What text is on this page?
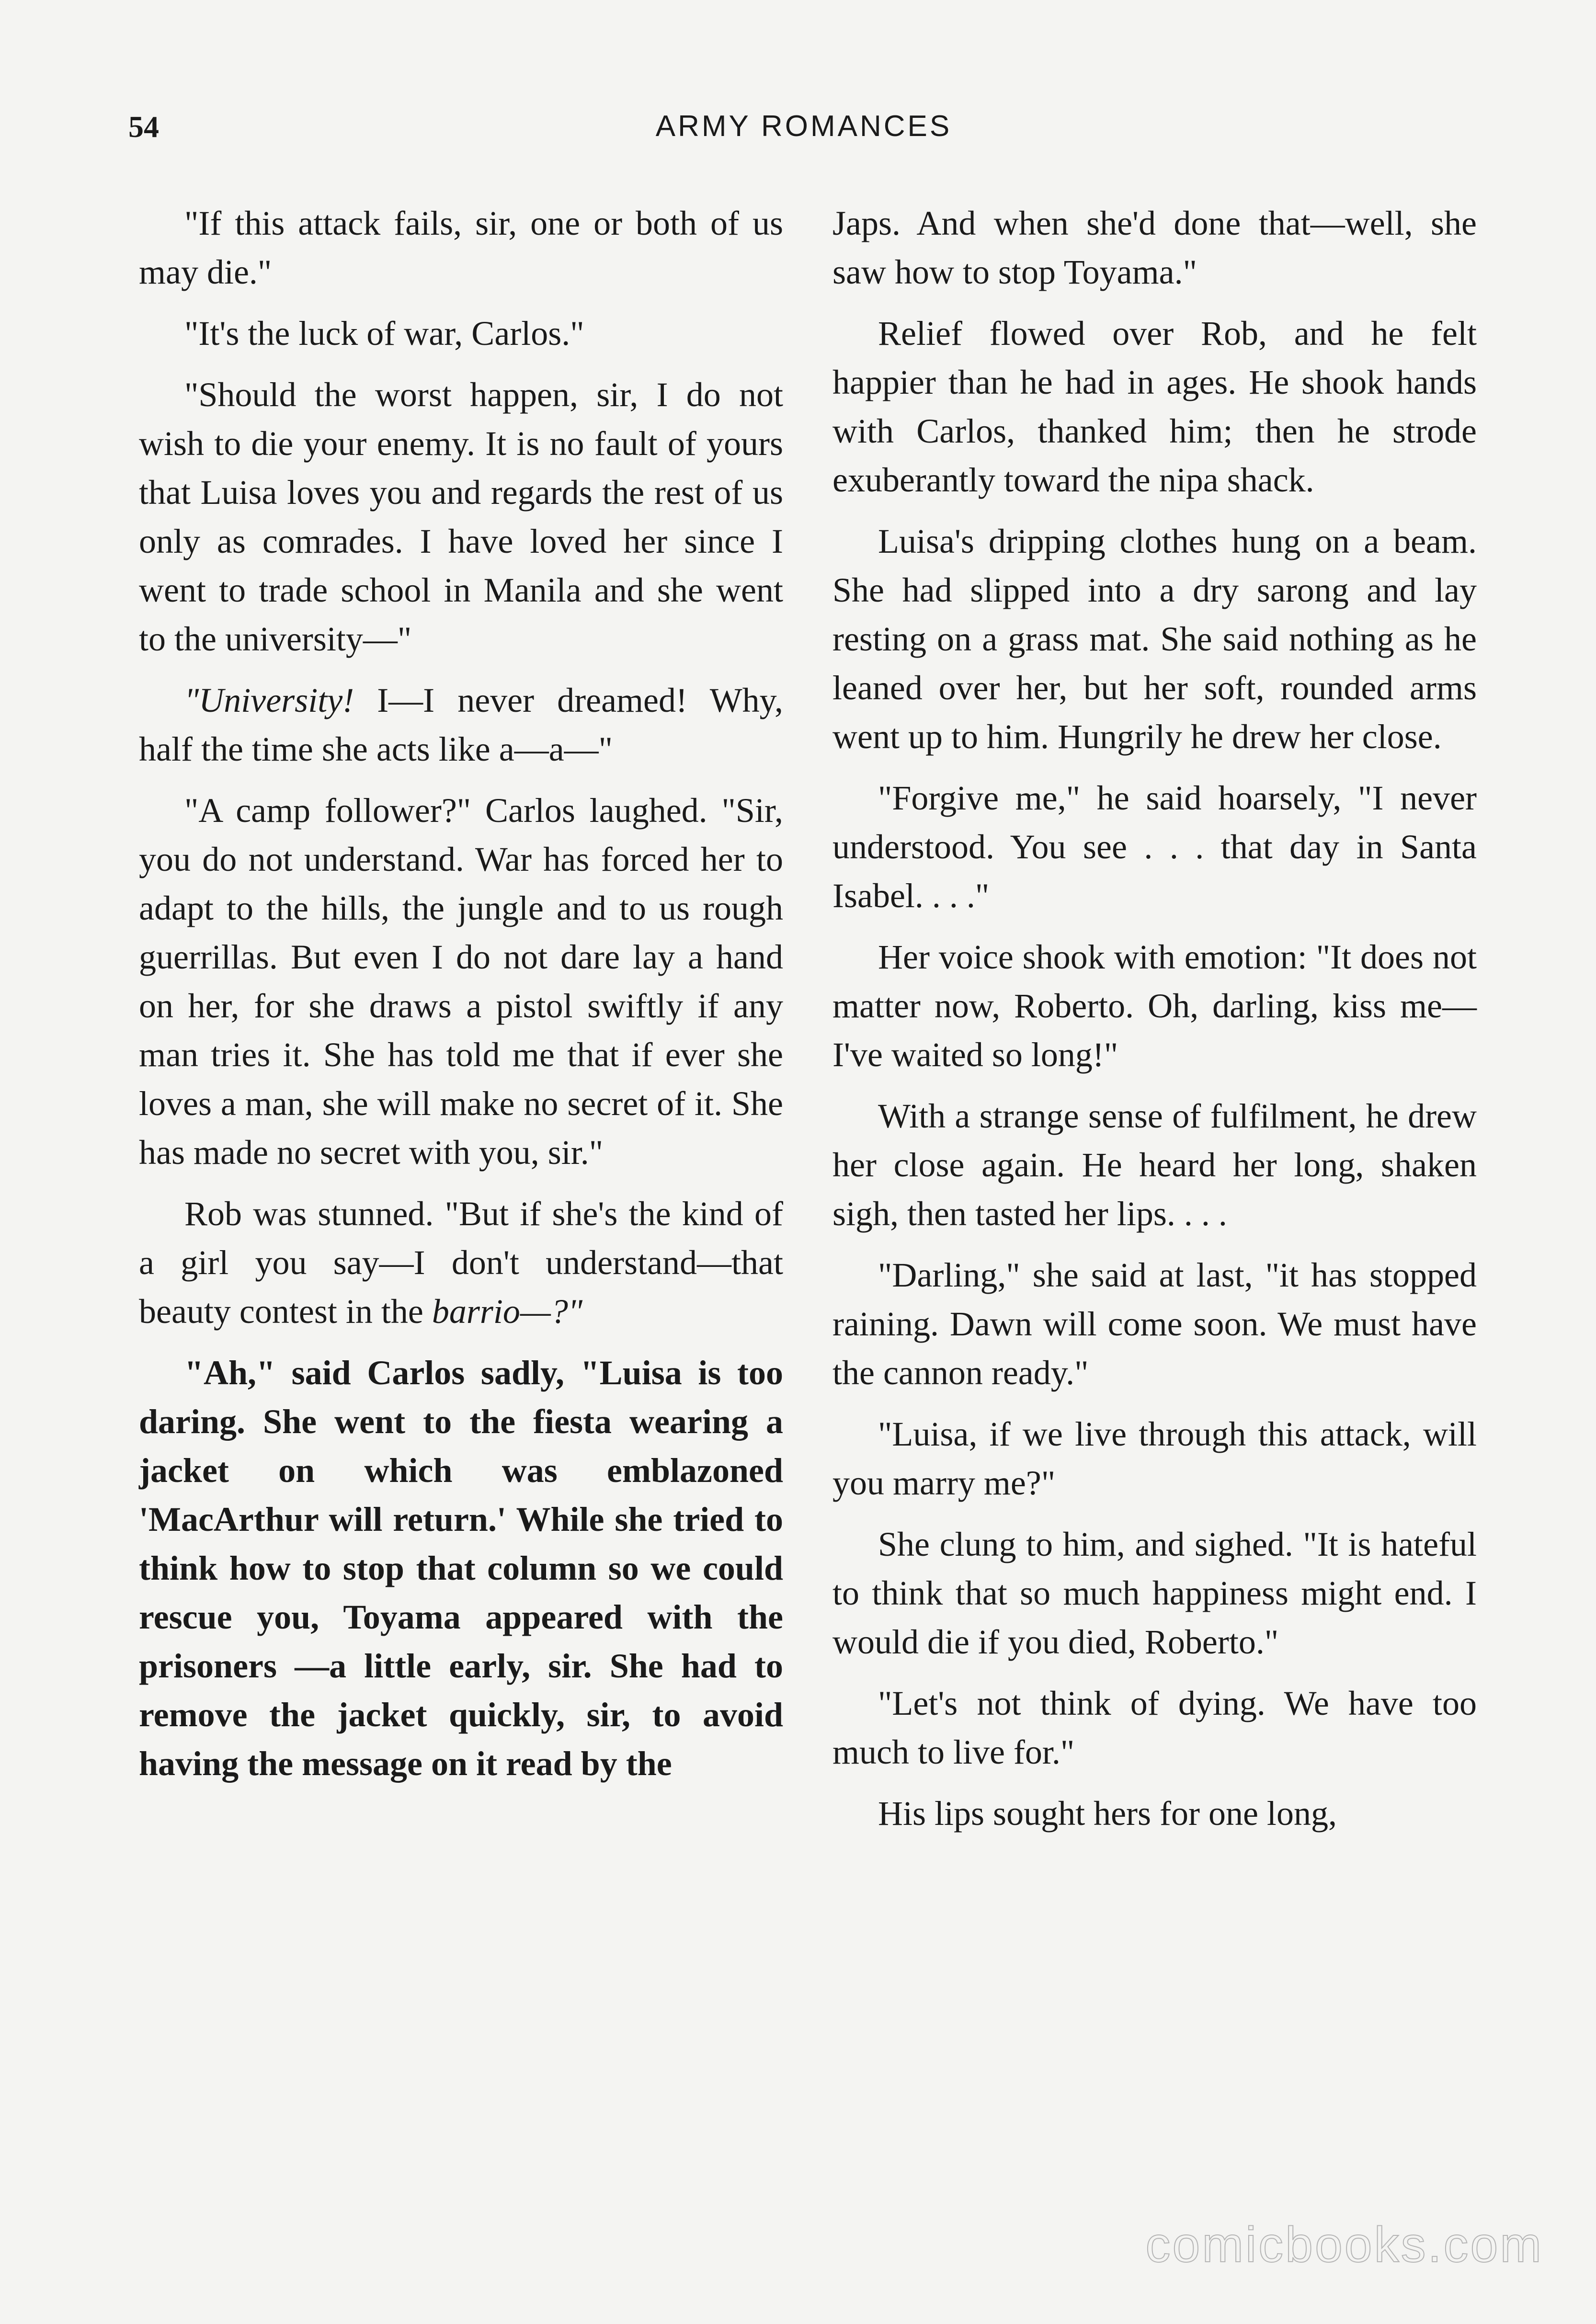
54	ARMY ROMANCES

"If this attack fails, sir, one or both of us may die."

"It's the luck of war, Carlos."

"Should the worst happen, sir, I do not wish to die your enemy. It is no fault of yours that Luisa loves you and regards the rest of us only as comrades. I have loved her since I went to trade school in Manila and she went to the university—"

"University! I—I never dreamed! Why, half the time she acts like a—a—"

"A camp follower?" Carlos laughed. "Sir, you do not understand. War has forced her to adapt to the hills, the jungle and to us rough guerrillas. But even I do not dare lay a hand on her, for she draws a pistol swiftly if any man tries it. She has told me that if ever she loves a man, she will make no secret of it. She has made no secret with you, sir."

Rob was stunned. "But if she's the kind of a girl you say—I don't understand—that beauty contest in the barrio—?"

"Ah," said Carlos sadly, "Luisa is too daring. She went to the fiesta wearing a jacket on which was emblazoned 'MacArthur will return.' While she tried to think how to stop that column so we could rescue you, Toyama appeared with the prisoners —a little early, sir. She had to remove the jacket quickly, sir, to avoid having the message on it read by the

Japs. And when she'd done that—well, she saw how to stop Toyama."

Relief flowed over Rob, and he felt happier than he had in ages. He shook hands with Carlos, thanked him; then he strode exuberantly toward the nipa shack.

Luisa's dripping clothes hung on a beam. She had slipped into a dry sarong and lay resting on a grass mat. She said nothing as he leaned over her, but her soft, rounded arms went up to him. Hungrily he drew her close.

"Forgive me," he said hoarsely, "I never understood. You see . . . that day in Santa Isabel. . . ."

Her voice shook with emotion: "It does not matter now, Roberto. Oh, darling, kiss me—I've waited so long!"

With a strange sense of fulfilment, he drew her close again. He heard her long, shaken sigh, then tasted her lips. . . .

"Darling," she said at last, "it has stopped raining. Dawn will come soon. We must have the cannon ready."

"Luisa, if we live through this attack, will you marry me?"

She clung to him, and sighed. "It is hateful to think that so much happiness might end. I would die if you died, Roberto."

"Let's not think of dying. We have too much to live for."

His lips sought hers for one long,

comicbooks.com
